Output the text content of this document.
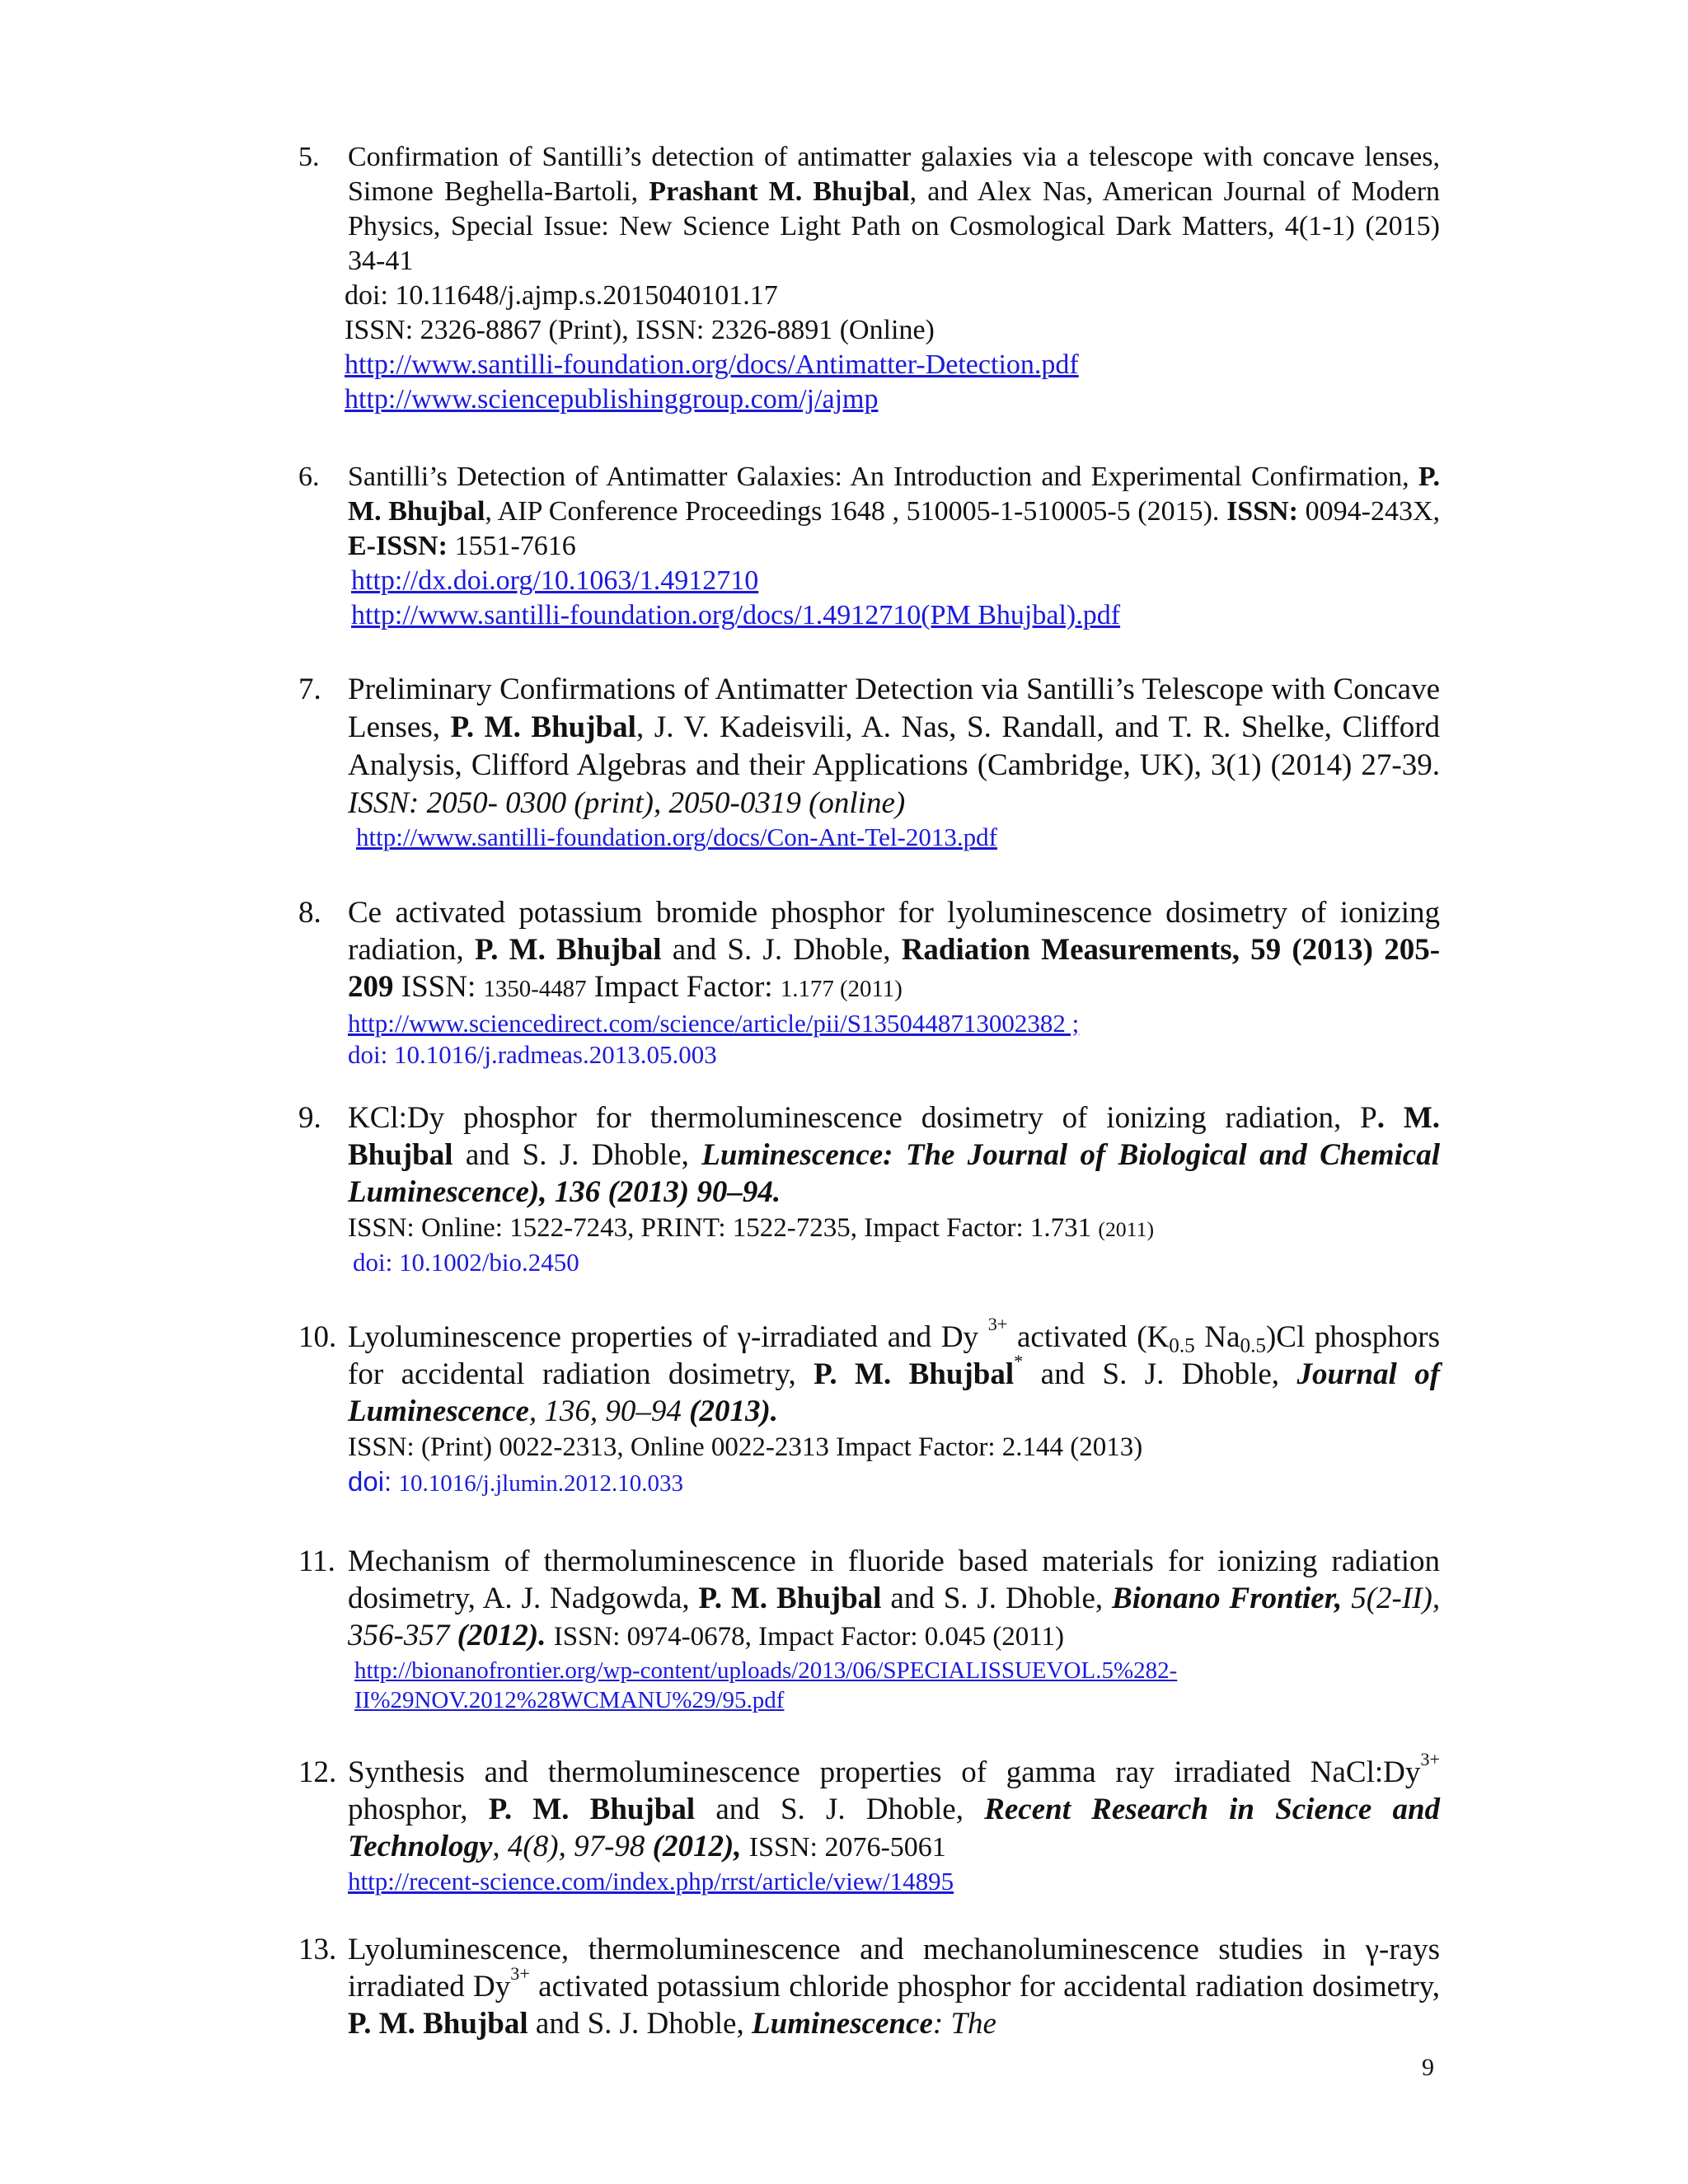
5. Confirmation of Santilli’s detection of antimatter galaxies via a telescope with concave lenses, Simone Beghella-Bartoli, Prashant M. Bhujbal, and Alex Nas, American Journal of Modern Physics, Special Issue: New Science Light Path on Cosmological Dark Matters, 4(1-1) (2015) 34-41
doi: 10.11648/j.ajmp.s.2015040101.17
ISSN: 2326-8867 (Print), ISSN: 2326-8891 (Online)
http://www.santilli-foundation.org/docs/Antimatter-Detection.pdf
http://www.sciencepublishinggroup.com/j/ajmp
6. Santilli’s Detection of Antimatter Galaxies: An Introduction and Experimental Confirmation, P. M. Bhujbal, AIP Conference Proceedings 1648 , 510005-1-510005-5 (2015). ISSN: 0094-243X, E-ISSN: 1551-7616
http://dx.doi.org/10.1063/1.4912710
http://www.santilli-foundation.org/docs/1.4912710(PM Bhujbal).pdf
7. Preliminary Confirmations of Antimatter Detection via Santilli’s Telescope with Concave Lenses, P. M. Bhujbal, J. V. Kadeisvili, A. Nas, S. Randall, and T. R. Shelke, Clifford Analysis, Clifford Algebras and their Applications (Cambridge, UK), 3(1) (2014) 27-39. ISSN: 2050- 0300 (print), 2050-0319 (online)
http://www.santilli-foundation.org/docs/Con-Ant-Tel-2013.pdf
8. Ce activated potassium bromide phosphor for lyoluminescence dosimetry of ionizing radiation, P. M. Bhujbal and S. J. Dhoble, Radiation Measurements, 59 (2013) 205-209 ISSN: 1350-4487 Impact Factor: 1.177 (2011)
http://www.sciencedirect.com/science/article/pii/S1350448713002382 ;
doi: 10.1016/j.radmeas.2013.05.003
9. KCl:Dy phosphor for thermoluminescence dosimetry of ionizing radiation, P. M. Bhujbal and S. J. Dhoble, Luminescence: The Journal of Biological and Chemical Luminescence), 136 (2013) 90–94.
ISSN: Online: 1522-7243, PRINT: 1522-7235, Impact Factor: 1.731 (2011)
doi: 10.1002/bio.2450
10. Lyoluminescence properties of γ-irradiated and Dy $^{3+}$ activated ($K_{0.5}$ $Na_{0.5})Cl$ phosphors for accidental radiation dosimetry, P. M. Bhujbal* and S. J. Dhoble, Journal of Luminescence, 136, 90–94 (2013).
ISSN: (Print) 0022-2313, Online 0022-2313 Impact Factor: 2.144 (2013)
doi: 10.1016/j.jlumin.2012.10.033
11. Mechanism of thermoluminescence in fluoride based materials for ionizing radiation dosimetry, A. J. Nadgowda, P. M. Bhujbal and S. J. Dhoble, Bionano Frontier, 5(2-II), 356-357 (2012). ISSN: 0974-0678, Impact Factor: 0.045 (2011)
http://bionanofrontier.org/wp-content/uploads/2013/06/SPECIALISSUEVOL.5%282-
II%29NOV.2012%28WCMANU%29/95.pdf
12. Synthesis and thermoluminescence properties of gamma ray irradiated $NaCl:Dy^{3+}$ phosphor, P. M. Bhujbal and S. J. Dhoble, Recent Research in Science and Technology, 4(8), 97-98 (2012), ISSN: 2076-5061
http://recent-science.com/index.php/rrst/article/view/14895
13. Lyoluminescence, thermoluminescence and mechanoluminescence studies in γ-rays irradiated $Dy^{3+}$ activated potassium chloride phosphor for accidental radiation dosimetry, P. M. Bhujbal and S. J. Dhoble, Luminescence: The
9
